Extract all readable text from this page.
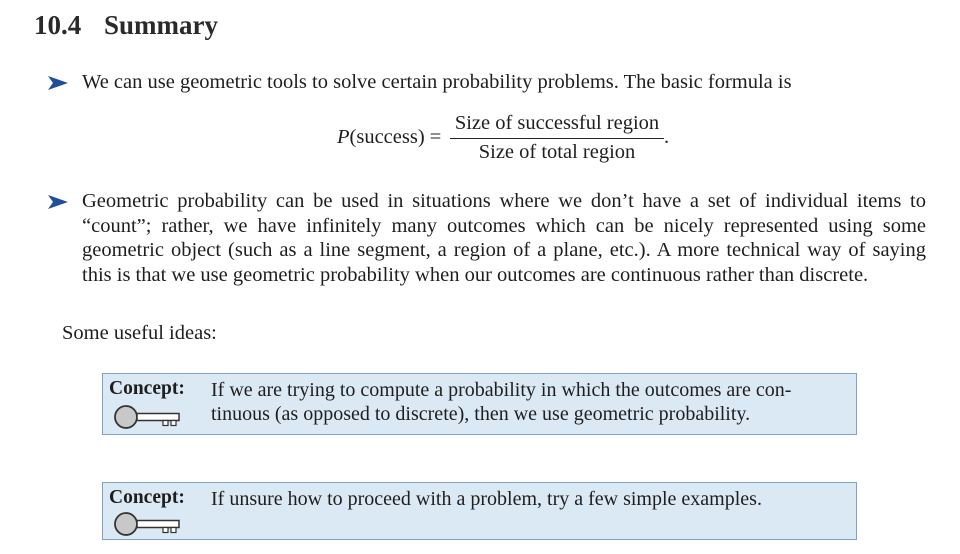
10.4 Summary
We can use geometric tools to solve certain probability problems. The basic formula is
P(success) =
Size of successful region
Size of total region
.
Geometric probability can be used in situations where we don’t have a set of individual items to
“count”; rather, we have infinitely many outcomes which can be nicely represented using some
geometric object (such as a line segment, a region of a plane, etc.). A more technical way of saying
this is that we use geometric probability when our outcomes are continuous rather than discrete.
Some useful ideas:
Concept: If we are trying to compute a probability in which the outcomes are con-
tinuous (as opposed to discrete), then we use geometric probability.
Concept: If unsure how to proceed with a problem, try a few simple examples.
